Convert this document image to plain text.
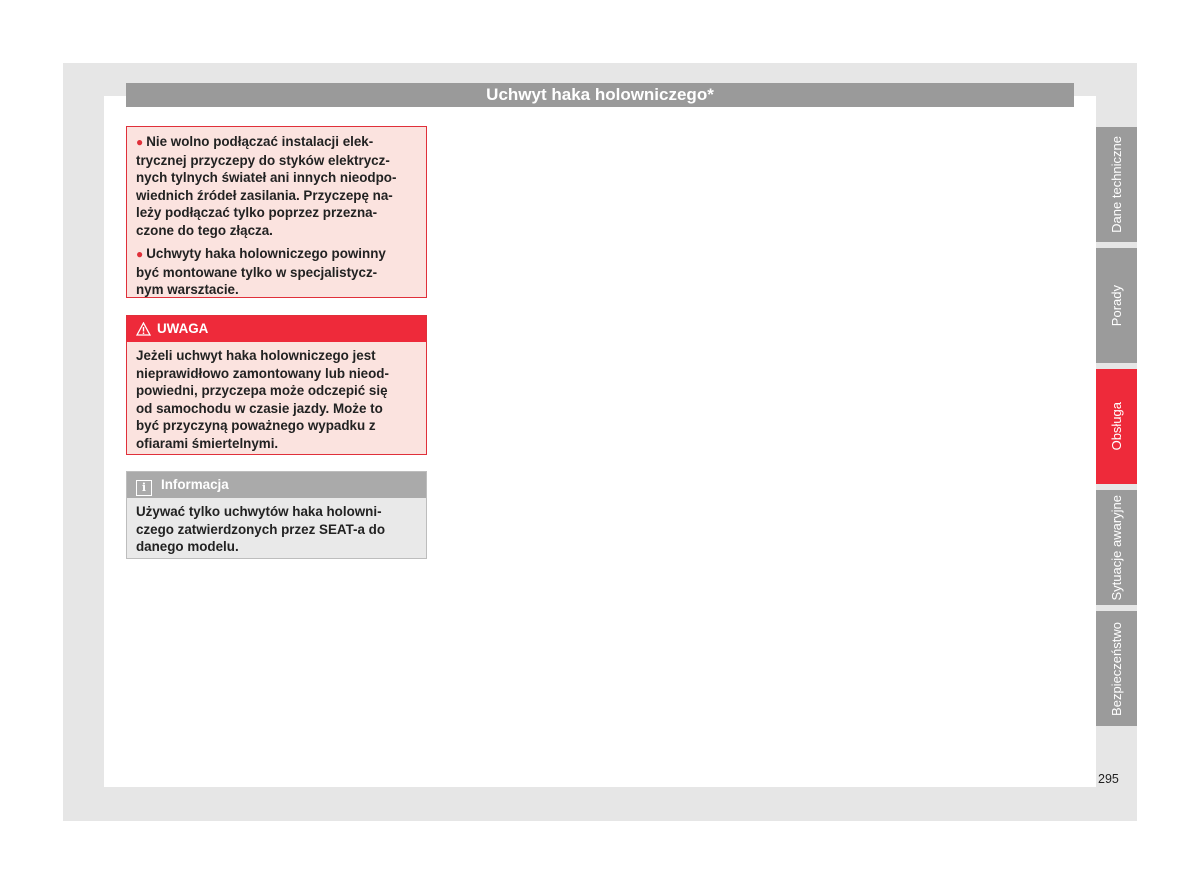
Uchwyt haka holowniczego*
● Nie wolno podłączać instalacji elek-
trycznej przyczepy do styków elektrycz-
nych tylnych świateł ani innych nieodpo-
wiednich źródeł zasilania. Przyczepę na-
leży podłączać tylko poprzez przezna-
czone do tego złącza.
● Uchwyty haka holowniczego powinny
być montowane tylko w specjalistycz-
nym warsztacie.
UWAGA
Jeżeli uchwyt haka holowniczego jest
nieprawidłowo zamontowany lub nieod-
powiedni, przyczepa może odczepić się
od samochodu w czasie jazdy. Może to
być przyczyną poważnego wypadku z
ofiarami śmiertelnymi.
i Informacja
Używać tylko uchwytów haka holowni-
czego zatwierdzonych przez SEAT-a do
danego modelu.
Dane techniczne
Porady
Obsługa
Sytuacje awaryjne
Bezpieczeństwo
295
